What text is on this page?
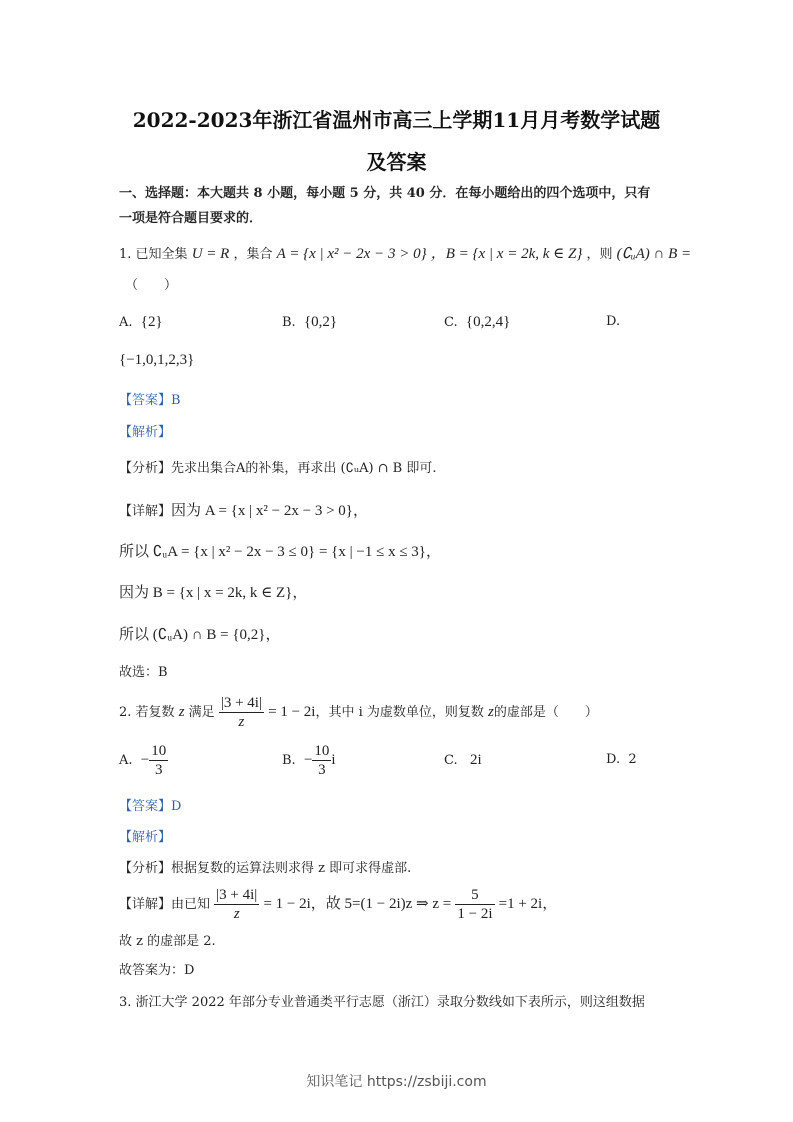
2022-2023年浙江省温州市高三上学期11月月考数学试题
及答案
一、选择题：本大题共 8 小题，每小题 5 分，共 40 分．在每小题给出的四个选项中，只有
一项是符合题目要求的．
1. 已知全集 U = R ，集合 A = {x | x² − 2x − 3 > 0} ，B = {x | x = 2k, k ∈ Z} ，则 (∁ᵤA) ∩ B =
（　　）
A. {2}	B. {0,2}	C. {0,2,4}	D.
{−1,0,1,2,3}
【答案】B
【解析】
【分析】先求出集合A的补集，再求出 (∁ᵤA) ∩ B 即可.
【详解】因为 A = {x | x² − 2x − 3 > 0}，
所以 ∁ᵤA = {x | x² − 2x − 3 ≤ 0} = {x | −1 ≤ x ≤ 3}，
因为 B = {x | x = 2k, k ∈ Z}，
所以 (∁ᵤA) ∩ B = {0,2}，
故选：B
2. 若复数 z 满足 $\frac{|3 + 4i|}{z} = 1 - 2i$，其中 i 为虚数单位，则复数 z的虚部是（　　）
A. − $\frac{10}{3}$	B. − $\frac{10}{3}$ i	C. 2i	D. 2
【答案】D
【解析】
【分析】根据复数的运算法则求得 z 即可求得虚部.
【详解】由已知 $\frac{|3 + 4i|}{z} = 1 - 2i$，故 5=(1 − 2i)z ⇒ $z = \frac{5}{1 - 2i} =1 + 2i$，
故 z 的虚部是 2.
故答案为：D
3. 浙江大学 2022 年部分专业普通类平行志愿（浙江）录取分数线如下表所示，则这组数据
知识笔记 https://zsbiji.com
